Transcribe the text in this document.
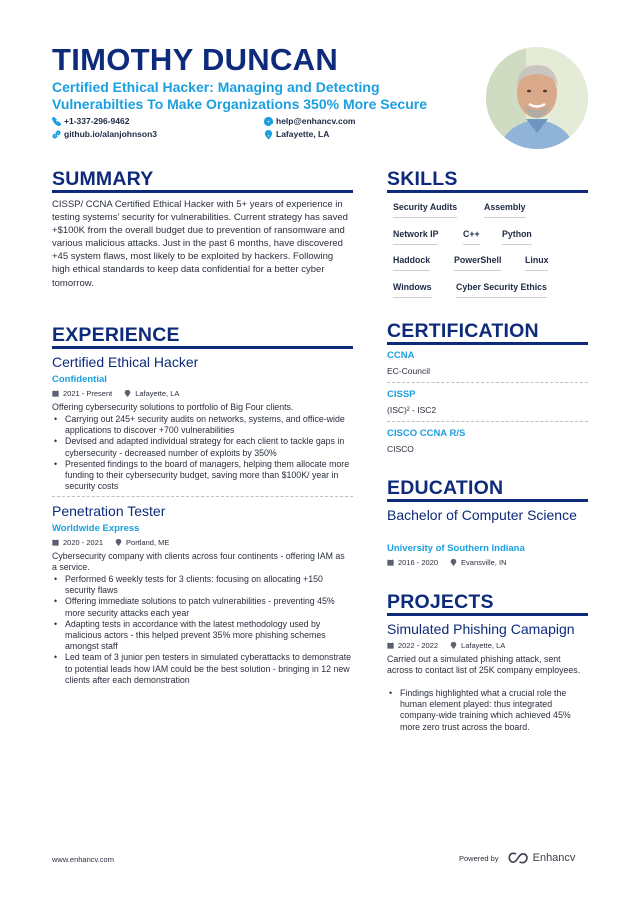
TIMOTHY DUNCAN
Certified Ethical Hacker: Managing and Detecting Vulnerabilties To Make Organizations 350% More Secure
+1-337-296-9462	help@enhancv.com
github.io/alanjohnson3	Lafayette, LA
SUMMARY
CISSP/ CCNA Certified Ethical Hacker with 5+ years of experience in testing systems' security for vulnerabilities. Current strategy has saved +$100K from the overall budget due to prevention of ransomware and various malicious attacks. Just in the past 6 months, have discovered +45 system flaws, most likely to be exploited by hackers. Following high ethical standards to keep data confidential for a better cyber tomorrow.
SKILLS
Security Audits	Assembly
Network IP	C++	Python
Haddock	PowerShell	Linux
Windows	Cyber Security Ethics
EXPERIENCE
Certified Ethical Hacker
Confidential
2021 - Present	Lafayette, LA
Offering cybersecurity solutions to portfolio of Big Four clients.
• Carrying out 245+ security audits on networks, systems, and office-wide applications to discover +700 vulnerabilities
• Devised and adapted individual strategy for each client to tackle gaps in cybersecurity - decreased number of exploits by 350%
• Presented findings to the board of managers, helping them allocate more funding to their cybersecurity budget, saving more than $100K/ year in security costs
Penetration Tester
Worldwide Express
2020 - 2021	Portland, ME
Cybersecurity company with clients across four continents - offering IAM as a service.
• Performed 6 weekly tests for 3 clients: focusing on allocating +150 security flaws
• Offering immediate solutions to patch vulnerabilities - preventing 45% more security attacks each year
• Adapting tests in accordance with the latest methodology used by malicious actors - this helped prevent 35% more phishing schemes amongst staff
• Led team of 3 junior pen testers in simulated cyberattacks to demonstrate to potential leads how IAM could be the best solution - bringing in 12 new clients after each demonstration
CERTIFICATION
CCNA
EC-Council
CISSP
(ISC)² - ISC2
CISCO CCNA R/S
CISCO
EDUCATION
Bachelor of Computer Science
University of Southern Indiana
2016 - 2020	Evansville, IN
PROJECTS
Simulated Phishing Camapign
2022 - 2022	Lafayette, LA
Carried out a simulated phishing attack, sent across to contact list of 25K company employees.
• Findings highlighted what a crucial role the human element played: thus integrated company-wide training which achieved 45% more zero trust across the board.
www.enhancv.com	Powered by	Enhancv
